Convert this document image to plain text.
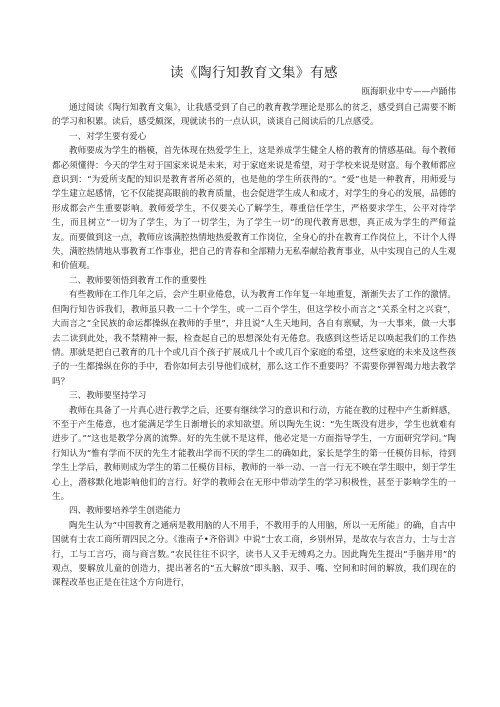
读《陶行知教育文集》有感

瓯海职业中专——卢踊伟

通过阅读《陶行知教育文集》，让我感受到了自己的教育教学理论是那么的贫乏，感受到自己需要不断的学习和积累。读后，感受颇深，现就读书的一点认识，谈谈自己阅读后的几点感受。

一、对学生要有爱心

教师要成为学生的楷模，首先体现在热爱学生上，这是养成学生健全人格的教育的情感基础。每个教师都必须懂得：今天的学生对于国家来说是未来，对于家庭来说是希望，对于学校来说是财富。每个教师都应意识到：“为爱所支配的知识是教育者所必须的，也是他的学生所获得的“。“爱”也是一种教育，用师爱与学生建立起感情，它不仅能提高眼前的教育质量，也会促进学生成人和成才，对学生的身心的发展，品德的形成都会产生重要影响。教师爱学生，不仅要关心了解学生，尊重信任学生，严格要求学生，公平对待学生，而且树立“一切为了学生，为了一切学生，为了学生一切”的现代教育思想，真正成为学生的严师益友。而要做到这一点，教师应该满腔热情地热爱教育工作岗位，全身心的扑在教育工作岗位上，不计个人得失，满腔热情地从事教育工作事业，把自己的青春和全部精力无私奉献给教育事业，从中实现自己的人生观和价值观。

二、教师要领悟到教育工作的重要性

有些教师在工作几年之后，会产生职业倦怠，认为教育工作年复一年地重复，渐渐失去了工作的激情。但陶行知告诉我们，教师虽只教一二十个学生，或一二百个学生，但这学校小而言之“关系全村之兴衰”，大而言之“全民族的命运都操纵在教师的手里”，并且说“人生天地间，各自有禀赋，为一大事来，做一大事去二读到此处，我不禁精神一振，检查起自己的思想深处有无倦怠。我感到这些话足以唤起我们的工作热情。那就是把自己教育的几十个或几百个孩子扩展成几十个或几百个家庭的希望，这些家庭的未来及这些孩子的一生都操纵在你的手中，看你如何去引导他们成材，那么这工作不重要吗？不需要你弹智竭力地去教学吗？

三、教师要坚持学习

教师在具备了一片真心进行教学之后，还要有继续学习的意识和行动，方能在教的过程中产生新鲜感，不至于产生倦意，也才能满足学生日渐增长的求知欲望。所以陶先生说：“先生既没有进步，学生也就难有进步了。”“这也是教学分离的流弊。好的先生就不是这样，他必定是一方面指导学生，一方面研究学问。”陶行知认为“惟有学而不厌的先生才能教出学而不厌的学生二的确如此，家长是学生的第一任模仿目标，待到学生上学后，教师则成为学生的第二任模仿目标，教师的一举一动、一言一行无不映在学生眼中，刻于学生心上，潜移默化地影响他们的言行。好学的教师会在无形中带动学生的学习积极性，甚至于影响学生的一生。

四、教师要培养学生创造能力

陶先生认为“中国教育之通病是教用脑的人不用手，不教用手的人用脑，所以一无所能」的确，自古中国就有士农工商所谓四民之分。《淮南子•齐俗训》中说“士农工商，乡别州异，是故农与农言力，士与士言行，工与工言巧，商与商言数。”农民往往不识字，读书人又手无缚鸡之力。因此陶先生提出“手脑并用”的观点，要解放儿童的创造力，提出著名的“五大解放”即头脑、双手、嘴、空间和时间的解放，我们现在的课程改革也正是在往这个方向进行，
